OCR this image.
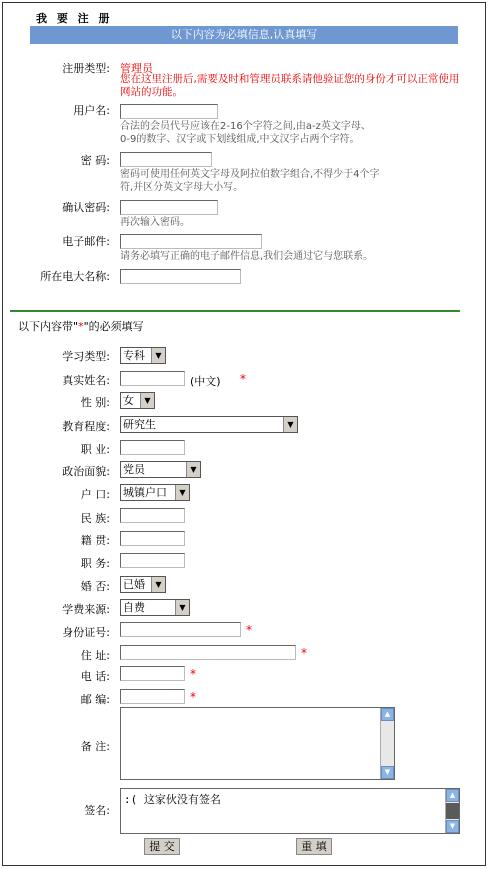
我 要 注 册
以下内容为必填信息,认真填写
注册类型: 管理员
您在这里注册后,需要及时和管理员联系请他验证您的身份才可以正常使用网站的功能。
用户名:
合法的会员代号应该在2-16个字符之间,由a-z英文字母、
0-9的数字、汉字或下划线组成,中文汉字占两个字符。
密 码:
密码可使用任何英文字母及阿拉伯数字组合,不得少于4个字
符,并区分英文字母大小写。
确认密码:
再次输入密码。
电子邮件:
请务必填写正确的电子邮件信息,我们会通过它与您联系。
所在电大名称:
以下内容带"*"的必须填写
学习类型: 专科	▼
真实姓名:	(中文) *
性 别: 女	▼
教育程度: 研究生	▼
职 业:
政治面貌: 党员	▼
户 口: 城镇户口	▼
民 族:
籍 贯:
职 务:
婚 否: 已婚	▼
学费来源: 自费	▼
身份证号:	*
住 址:	*
电 话:	*
邮 编:	*
备 注:
▲
▼
签名:
:( 这家伙没有签名	▲
▼
提 交	重 填
